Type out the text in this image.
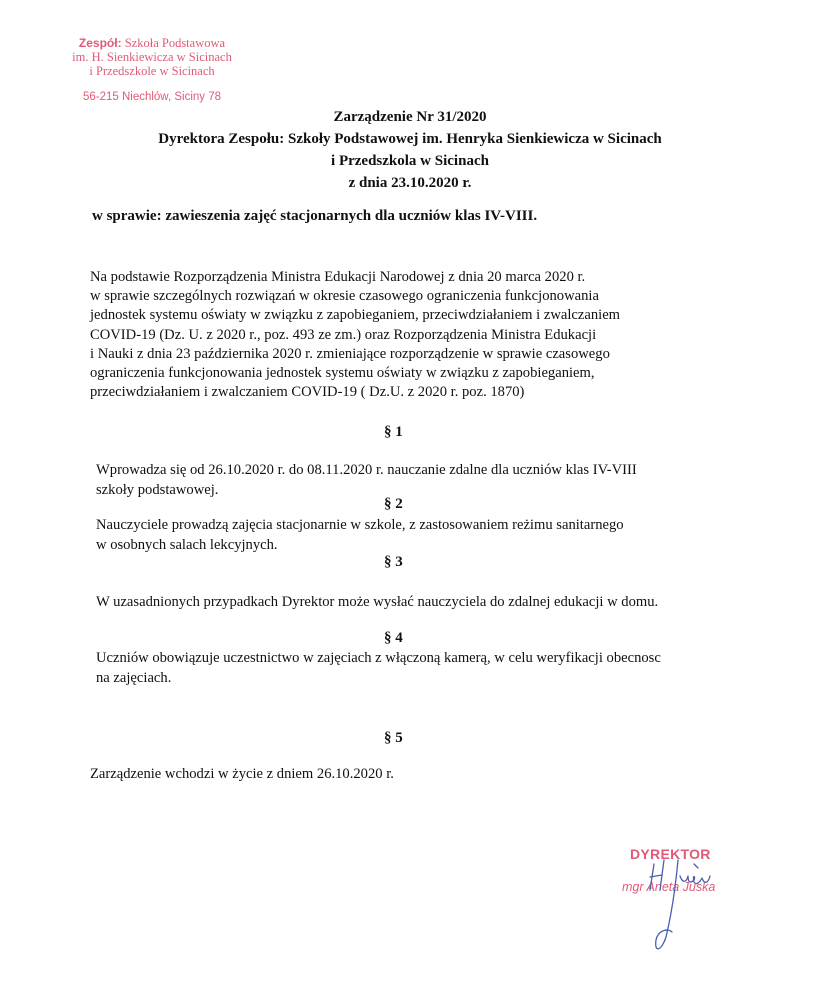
Zespół: Szkoła Podstawowa
im. H. Sienkiewicza w Sicinach
i Przedszkole w Sicinach
56-215 Niechlów, Siciny 78
Zarządzenie Nr 31/2020
Dyrektora Zespołu: Szkoły Podstawowej im. Henryka Sienkiewicza w Sicinach
i Przedszkola w Sicinach
z dnia 23.10.2020 r.
w sprawie: zawieszenia zajęć stacjonarnych dla uczniów klas IV-VIII.
Na podstawie Rozporządzenia Ministra Edukacji Narodowej z dnia 20 marca 2020 r.
w sprawie szczególnych rozwiązań w okresie czasowego ograniczenia funkcjonowania
jednostek systemu oświaty w związku z zapobieganiem, przeciwdziałaniem i zwalczaniem
COVID-19 (Dz. U. z 2020 r., poz. 493 ze zm.) oraz Rozporządzenia Ministra Edukacji
i Nauki z dnia 23 października 2020 r. zmieniające rozporządzenie w sprawie czasowego
ograniczenia funkcjonowania jednostek systemu oświaty w związku z zapobieganiem,
przeciwdziałaniem i zwalczaniem COVID-19 ( Dz.U. z 2020 r. poz. 1870)
§ 1
Wprowadza się od 26.10.2020 r. do 08.11.2020 r. nauczanie zdalne dla uczniów klas IV-VIII
szkoły podstawowej.
§ 2
Nauczyciele prowadzą zajęcia stacjonarnie w szkole, z zastosowaniem reżimu sanitarnego
w osobnych salach lekcyjnych.
§ 3
W uzasadnionych przypadkach Dyrektor może wysłać nauczyciela do zdalnej edukacji w domu.
§ 4
Uczniów obowiązuje uczestnictwo w zajęciach z włączoną kamerą, w celu weryfikacji obecnosc
na zajęciach.
§ 5
Zarządzenie wchodzi w życie z dniem 26.10.2020 r.
DYREKTOR
mgr Aneta Juska
